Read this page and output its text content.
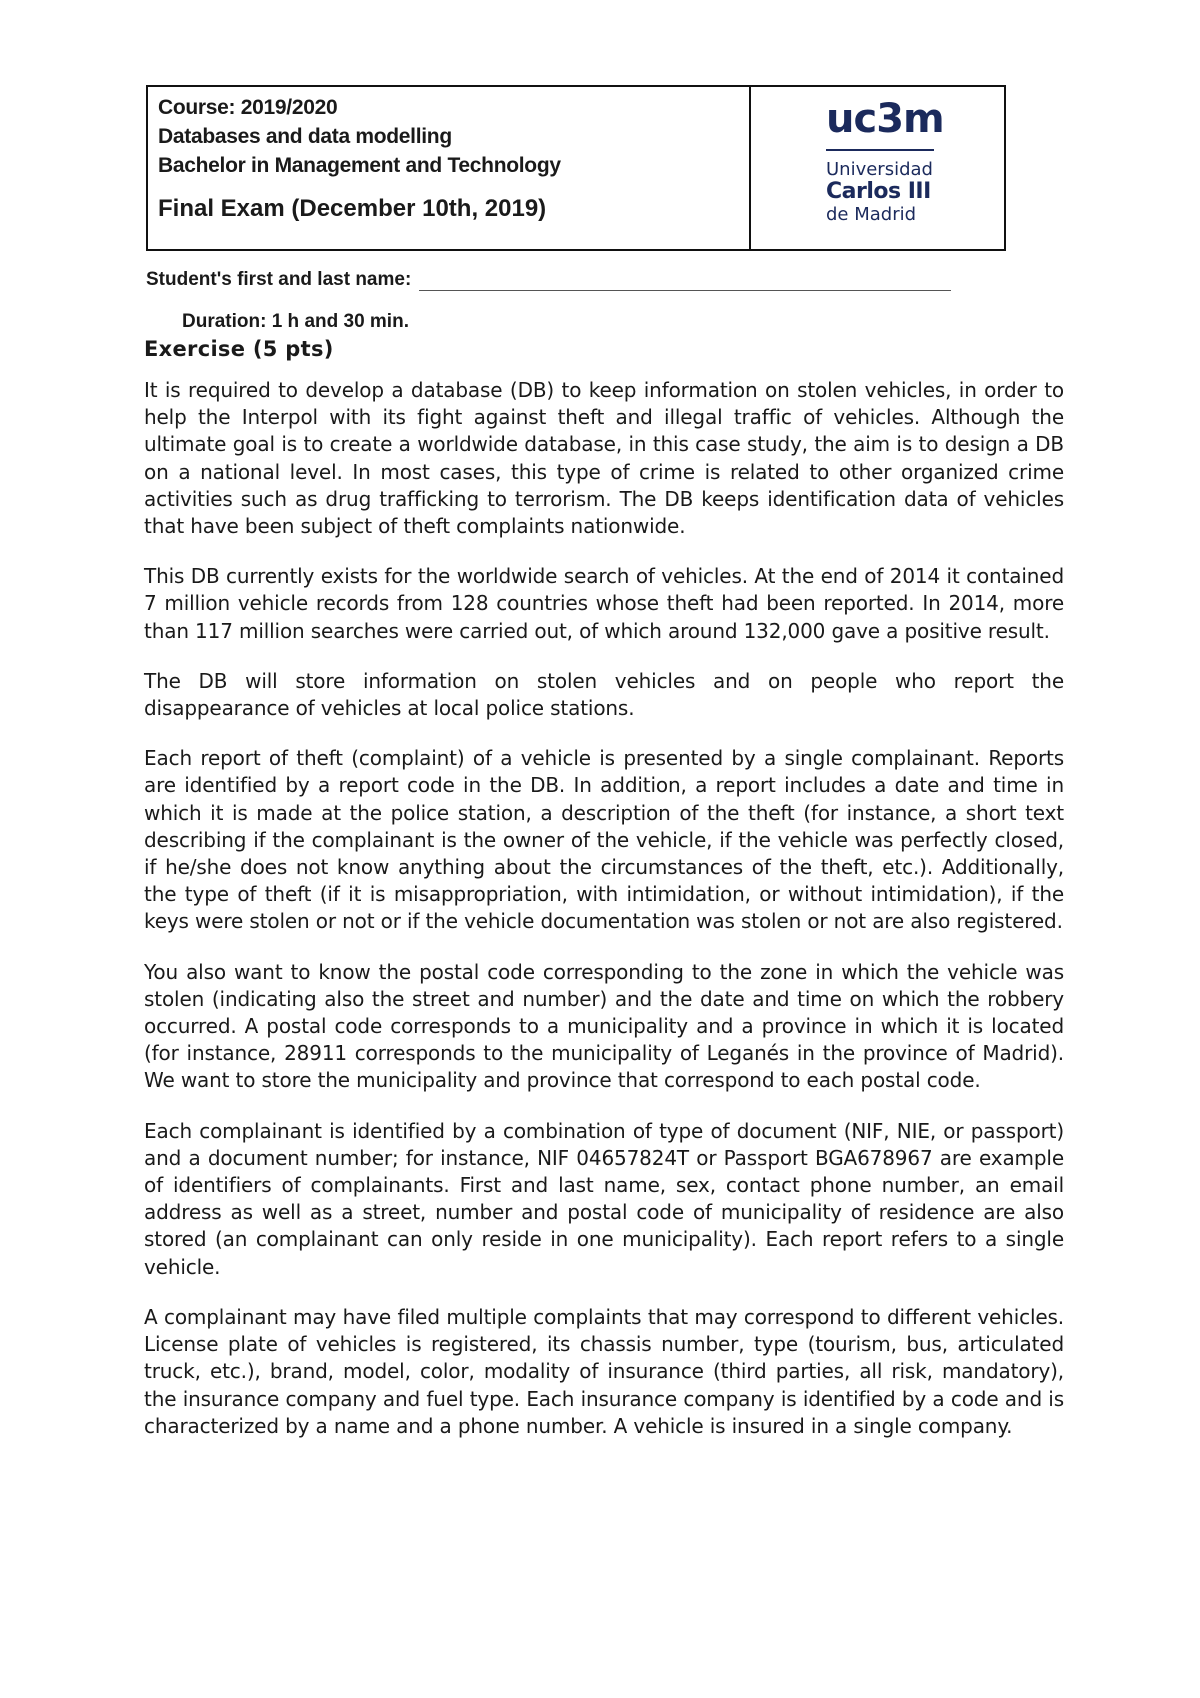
Course: 2019/2020
Databases and data modelling
Bachelor in Management and Technology
Final Exam (December 10th, 2019)
uc3m
Universidad
Carlos III
de Madrid
Student's first and last name:
Duration: 1 h and 30 min.
Exercise (5 pts)

It is required to develop a database (DB) to keep information on stolen vehicles, in order to help the Interpol with its fight against theft and illegal traffic of vehicles. Although the ultimate goal is to create a worldwide database, in this case study, the aim is to design a DB on a national level. In most cases, this type of crime is related to other organized crime activities such as drug trafficking to terrorism. The DB keeps identification data of vehicles that have been subject of theft complaints nationwide.

This DB currently exists for the worldwide search of vehicles. At the end of 2014 it contained 7 million vehicle records from 128 countries whose theft had been reported. In 2014, more than 117 million searches were carried out, of which around 132,000 gave a positive result.

The DB will store information on stolen vehicles and on people who report the disappearance of vehicles at local police stations.

Each report of theft (complaint) of a vehicle is presented by a single complainant. Reports are identified by a report code in the DB. In addition, a report includes a date and time in which it is made at the police station, a description of the theft (for instance, a short text describing if the complainant is the owner of the vehicle, if the vehicle was perfectly closed, if he/she does not know anything about the circumstances of the theft, etc.). Additionally, the type of theft (if it is misappropriation, with intimidation, or without intimidation), if the keys were stolen or not or if the vehicle documentation was stolen or not are also registered.

You also want to know the postal code corresponding to the zone in which the vehicle was stolen (indicating also the street and number) and the date and time on which the robbery occurred. A postal code corresponds to a municipality and a province in which it is located (for instance, 28911 corresponds to the municipality of Leganés in the province of Madrid). We want to store the municipality and province that correspond to each postal code.

Each complainant is identified by a combination of type of document (NIF, NIE, or passport) and a document number; for instance, NIF 04657824T or Passport BGA678967 are example of identifiers of complainants. First and last name, sex, contact phone number, an email address as well as a street, number and postal code of municipality of residence are also stored (an complainant can only reside in one municipality). Each report refers to a single vehicle.

A complainant may have filed multiple complaints that may correspond to different vehicles. License plate of vehicles is registered, its chassis number, type (tourism, bus, articulated truck, etc.), brand, model, color, modality of insurance (third parties, all risk, mandatory), the insurance company and fuel type. Each insurance company is identified by a code and is characterized by a name and a phone number. A vehicle is insured in a single company.
